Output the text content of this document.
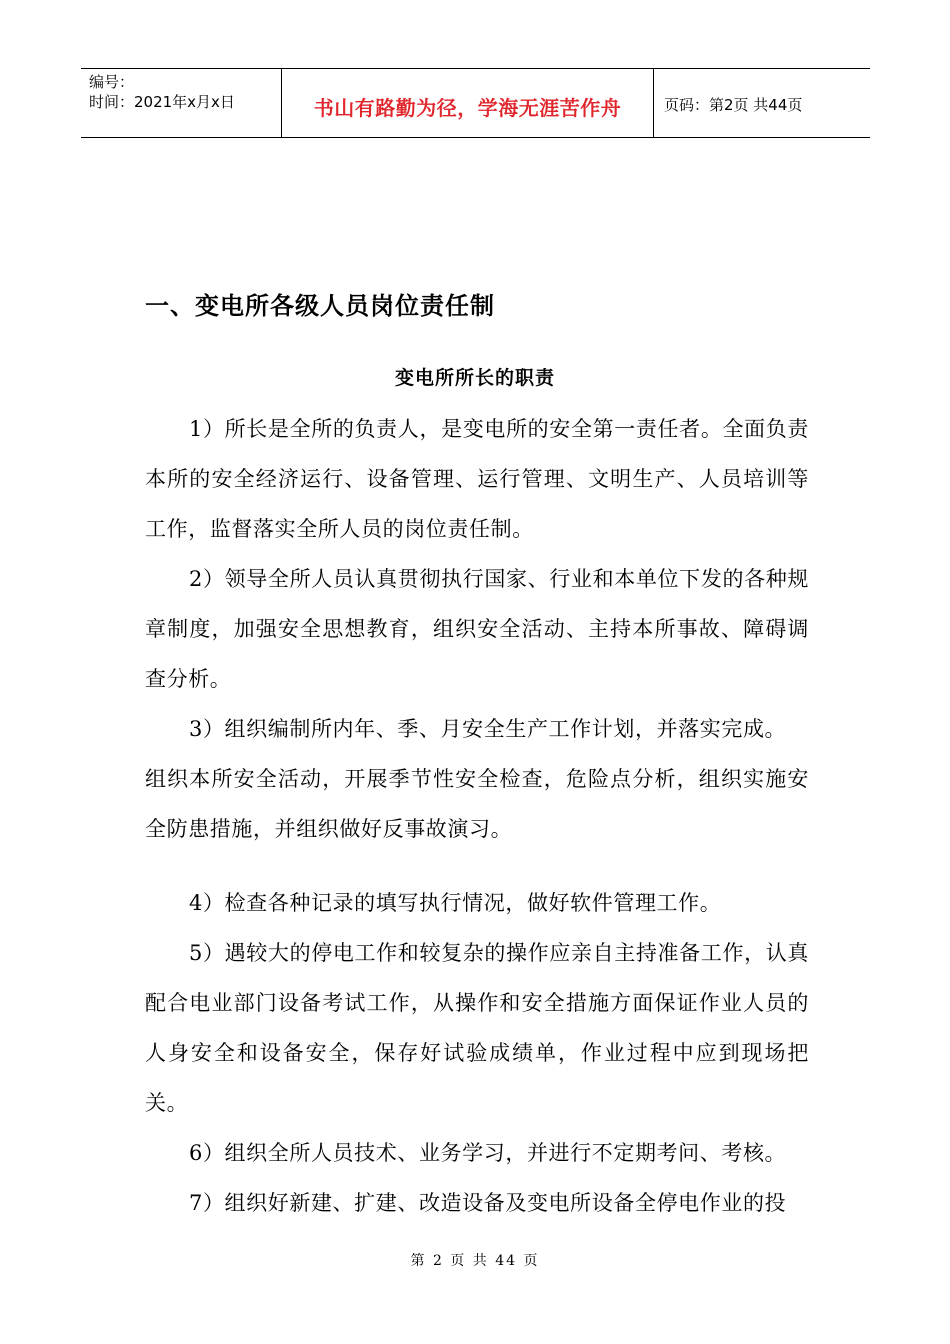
编号：
时间：2021年x月x日	书山有路勤为径，学海无涯苦作舟	页码：第2页 共44页
一、变电所各级人员岗位责任制
变电所所长的职责

1）所长是全所的负责人，是变电所的安全第一责任者。全面负责本所的安全经济运行、设备管理、运行管理、文明生产、人员培训等工作，监督落实全所人员的岗位责任制。

2）领导全所人员认真贯彻执行国家、行业和本单位下发的各种规章制度，加强安全思想教育，组织安全活动、主持本所事故、障碍调查分析。

3）组织编制所内年、季、月安全生产工作计划，并落实完成。

组织本所安全活动，开展季节性安全检查，危险点分析，组织实施安全防患措施，并组织做好反事故演习。

4）检查各种记录的填写执行情况，做好软件管理工作。

5）遇较大的停电工作和较复杂的操作应亲自主持准备工作，认真配合电业部门设备考试工作，从操作和安全措施方面保证作业人员的人身安全和设备安全，保存好试验成绩单，作业过程中应到现场把关。

6）组织全所人员技术、业务学习，并进行不定期考问、考核。

7）组织好新建、扩建、改造设备及变电所设备全停电作业的投

第 2 页 共 44 页
